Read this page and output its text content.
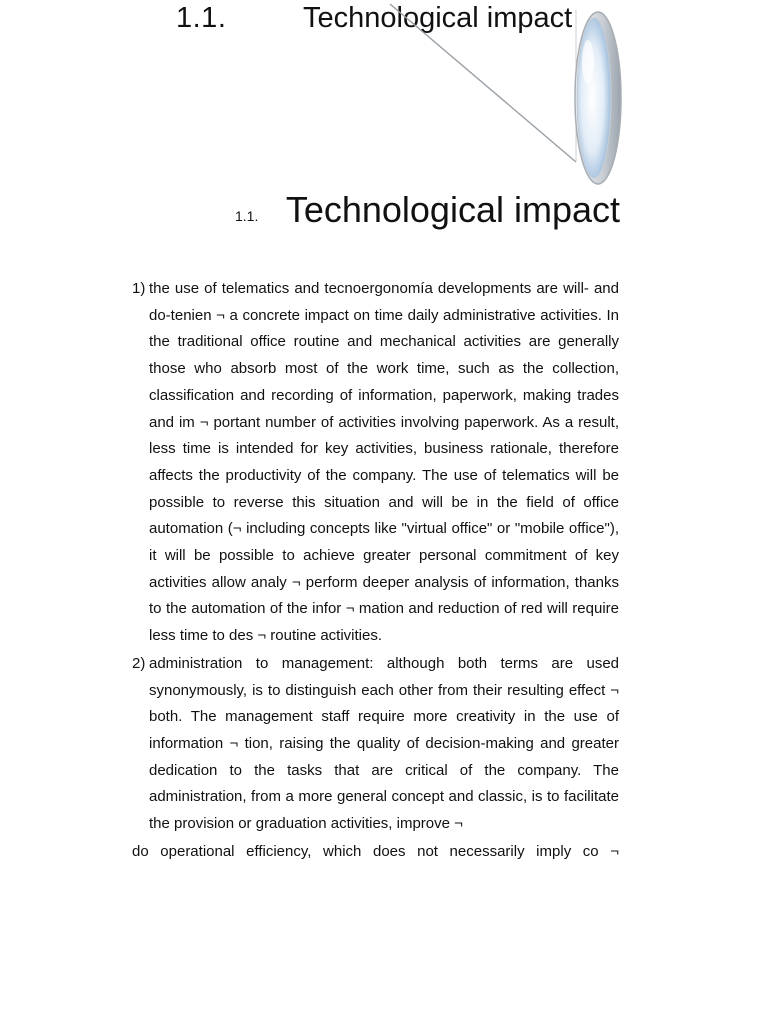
1.1.	Technological impact
1.1. Technological impact
1) the use of telematics and tecnoergonomía developments are will- and do-tenien ¬ a concrete impact on time daily administrative activities. In the traditional office routine and mechanical activities are generally those who absorb most of the work time, such as the collection, classification and recording of information, paperwork, making trades and im ¬ portant number of activities involving paperwork. As a result, less time is intended for key activities, business rationale, therefore affects the productivity of the company. The use of telematics will be possible to reverse this situation and will be in the field of office automation (¬ including concepts like "virtual office" or "mobile office"), it will be possible to achieve greater personal commitment of key activities allow analy ¬ perform deeper analysis of information, thanks to the automation of the infor ¬ mation and reduction of red will require less time to des ¬ routine activities.
2) administration to management: although both terms are used synonymously, is to distinguish each other from their resulting effect ¬ both. The management staff require more creativity in the use of information ¬ tion, raising the quality of decision-making and greater dedication to the tasks that are critical of the company. The administration, from a more general concept and classic, is to facilitate the provision or graduation activities, improve ¬

do operational efficiency, which does not necessarily imply co ¬
